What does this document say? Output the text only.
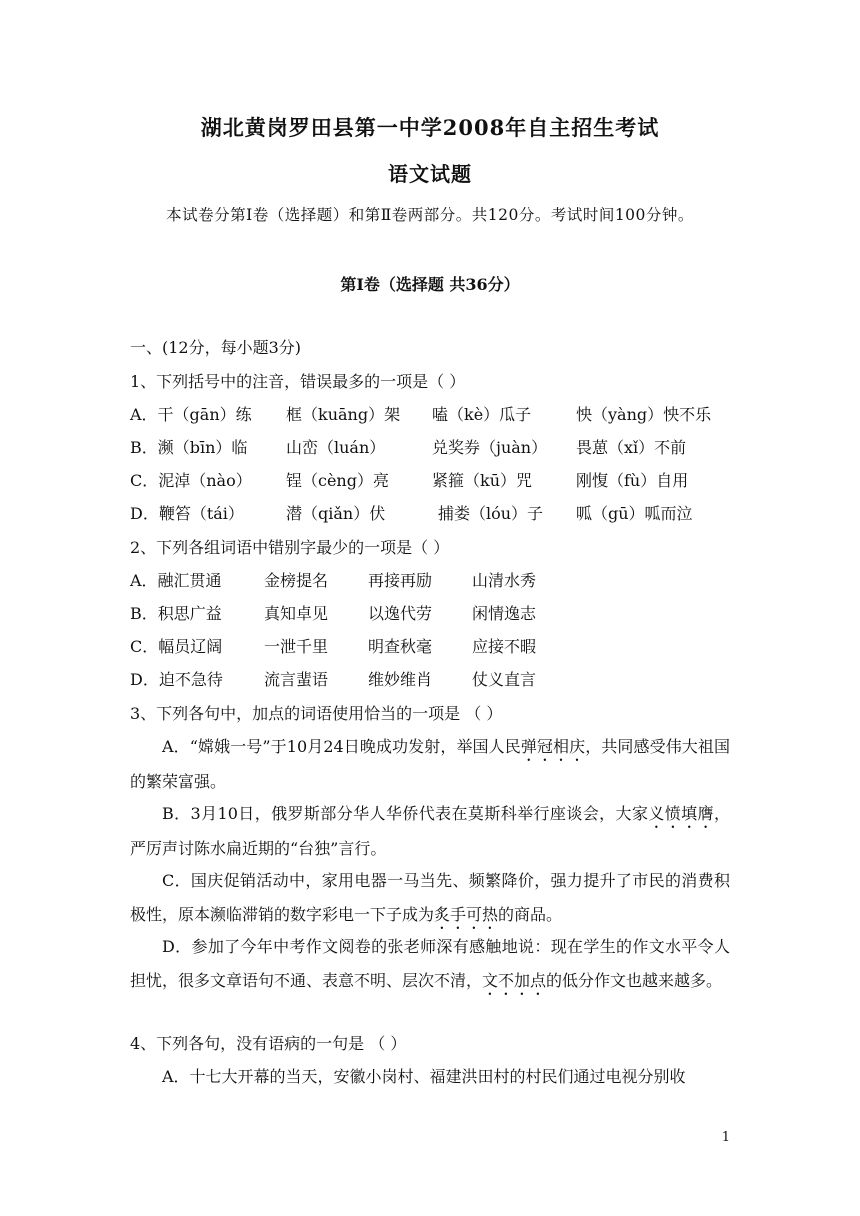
湖北黄岗罗田县第一中学2008年自主招生考试
语文试题
本试卷分第Ⅰ卷（选择题）和第Ⅱ卷两部分。共120分。考试时间100分钟。
第Ⅰ卷（选择题 共36分）
一、(12分，每小题3分)
1、下列括号中的注音，错误最多的一项是（ ）
A．干（gān）练 框（kuāng）架 嗑（kè）瓜子	怏（yàng）怏不乐
B．濒（bīn）临 山峦（luán）	兑奖券（juàn） 畏葸（xǐ）不前
C．泥淖（nào） 锃（cèng）亮	紧箍（kū）咒	刚愎（fù）自用
D．鞭笞（tái）	潜（qiǎn）伏	捕娄（lóu）子 呱（gū）呱而泣
2、下列各组词语中错别字最少的一项是（ ）
A．融汇贯通	金榜提名 再接再励 山清水秀
B．积思广益	真知卓见 以逸代劳 闲情逸志
C．幅员辽阔	一泄千里 明查秋毫 应接不暇
D．迫不急待	流言蜚语 维妙维肖 仗义直言
3、下列各句中，加点的词语使用恰当的一项是 （ ）
A．“嫦娥一号”于10月24日晚成功发射，举国人民弹冠相庆，共同感受伟大祖国的繁荣富强。
B．3月10日，俄罗斯部分华人华侨代表在莫斯科举行座谈会，大家义愤填膺，严厉声讨陈水扁近期的“台独”言行。
C．国庆促销活动中，家用电器一马当先、频繁降价，强力提升了市民的消费积极性，原本濒临滞销的数字彩电一下子成为炙手可热的商品。
D．参加了今年中考作文阅卷的张老师深有感触地说：现在学生的作文水平令人担忧，很多文章语句不通、表意不明、层次不清，文不加点的低分作文也越来越多。
4、下列各句，没有语病的一句是 （ ）
A．十七大开幕的当天，安徽小岗村、福建洪田村的村民们通过电视分别收
1
